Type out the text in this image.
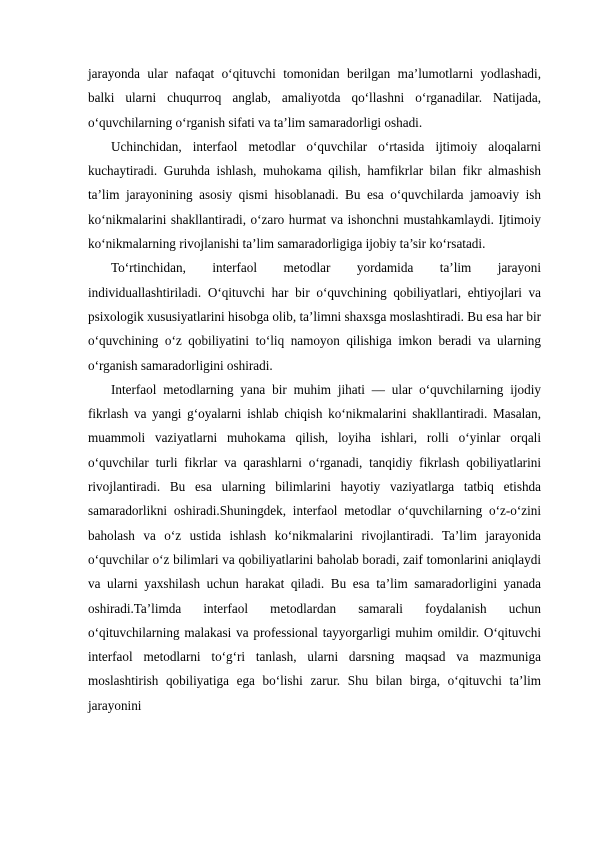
jarayonda ular nafaqat o‘qituvchi tomonidan berilgan ma’lumotlarni yodlashadi, balki ularni chuqurroq anglab, amaliyotda qo‘llashni o‘rganadilar. Natijada, o‘quvchilarning o‘rganish sifati va ta’lim samaradorligi oshadi.

Uchinchidan, interfaol metodlar o‘quvchilar o‘rtasida ijtimoiy aloqalarni kuchaytiradi. Guruhda ishlash, muhokama qilish, hamfikrlar bilan fikr almashish ta’lim jarayonining asosiy qismi hisoblanadi. Bu esa o‘quvchilarda jamoaviy ish ko‘nikmalarini shakllantiradi, o‘zaro hurmat va ishonchni mustahkamlaydi. Ijtimoiy ko‘nikmalarning rivojlanishi ta’lim samaradorligiga ijobiy ta’sir ko‘rsatadi.

To‘rtinchidan, interfaol metodlar yordamida ta’lim jarayoni individuallashtiriladi. O‘qituvchi har bir o‘quvchining qobiliyatlari, ehtiyojlari va psixologik xususiyatlarini hisobga olib, ta’limni shaxsga moslashtiradi. Bu esa har bir o‘quvchining o‘z qobiliyatini to‘liq namoyon qilishiga imkon beradi va ularning o‘rganish samaradorligini oshiradi.

Interfaol metodlarning yana bir muhim jihati — ular o‘quvchilarning ijodiy fikrlash va yangi g‘oyalarni ishlab chiqish ko‘nikmalarini shakllantiradi. Masalan, muammoli vaziyatlarni muhokama qilish, loyiha ishlari, rolli o‘yinlar orqali o‘quvchilar turli fikrlar va qarashlarni o‘rganadi, tanqidiy fikrlash qobiliyatlarini rivojlantiradi. Bu esa ularning bilimlarini hayotiy vaziyatlarga tatbiq etishda samaradorlikni oshiradi.Shuningdek, interfaol metodlar o‘quvchilarning o‘z-o‘zini baholash va o‘z ustida ishlash ko‘nikmalarini rivojlantiradi. Ta’lim jarayonida o‘quvchilar o‘z bilimlari va qobiliyatlarini baholab boradi, zaif tomonlarini aniqlaydi va ularni yaxshilash uchun harakat qiladi. Bu esa ta’lim samaradorligini yanada oshiradi.Ta’limda interfaol metodlardan samarali foydalanish uchun o‘qituvchilarning malakasi va professional tayyorgarligi muhim omildir. O‘qituvchi interfaol metodlarni to‘g‘ri tanlash, ularni darsning maqsad va mazmuniga moslashtirish qobiliyatiga ega bo‘lishi zarur. Shu bilan birga, o‘qituvchi ta’lim jarayonini
